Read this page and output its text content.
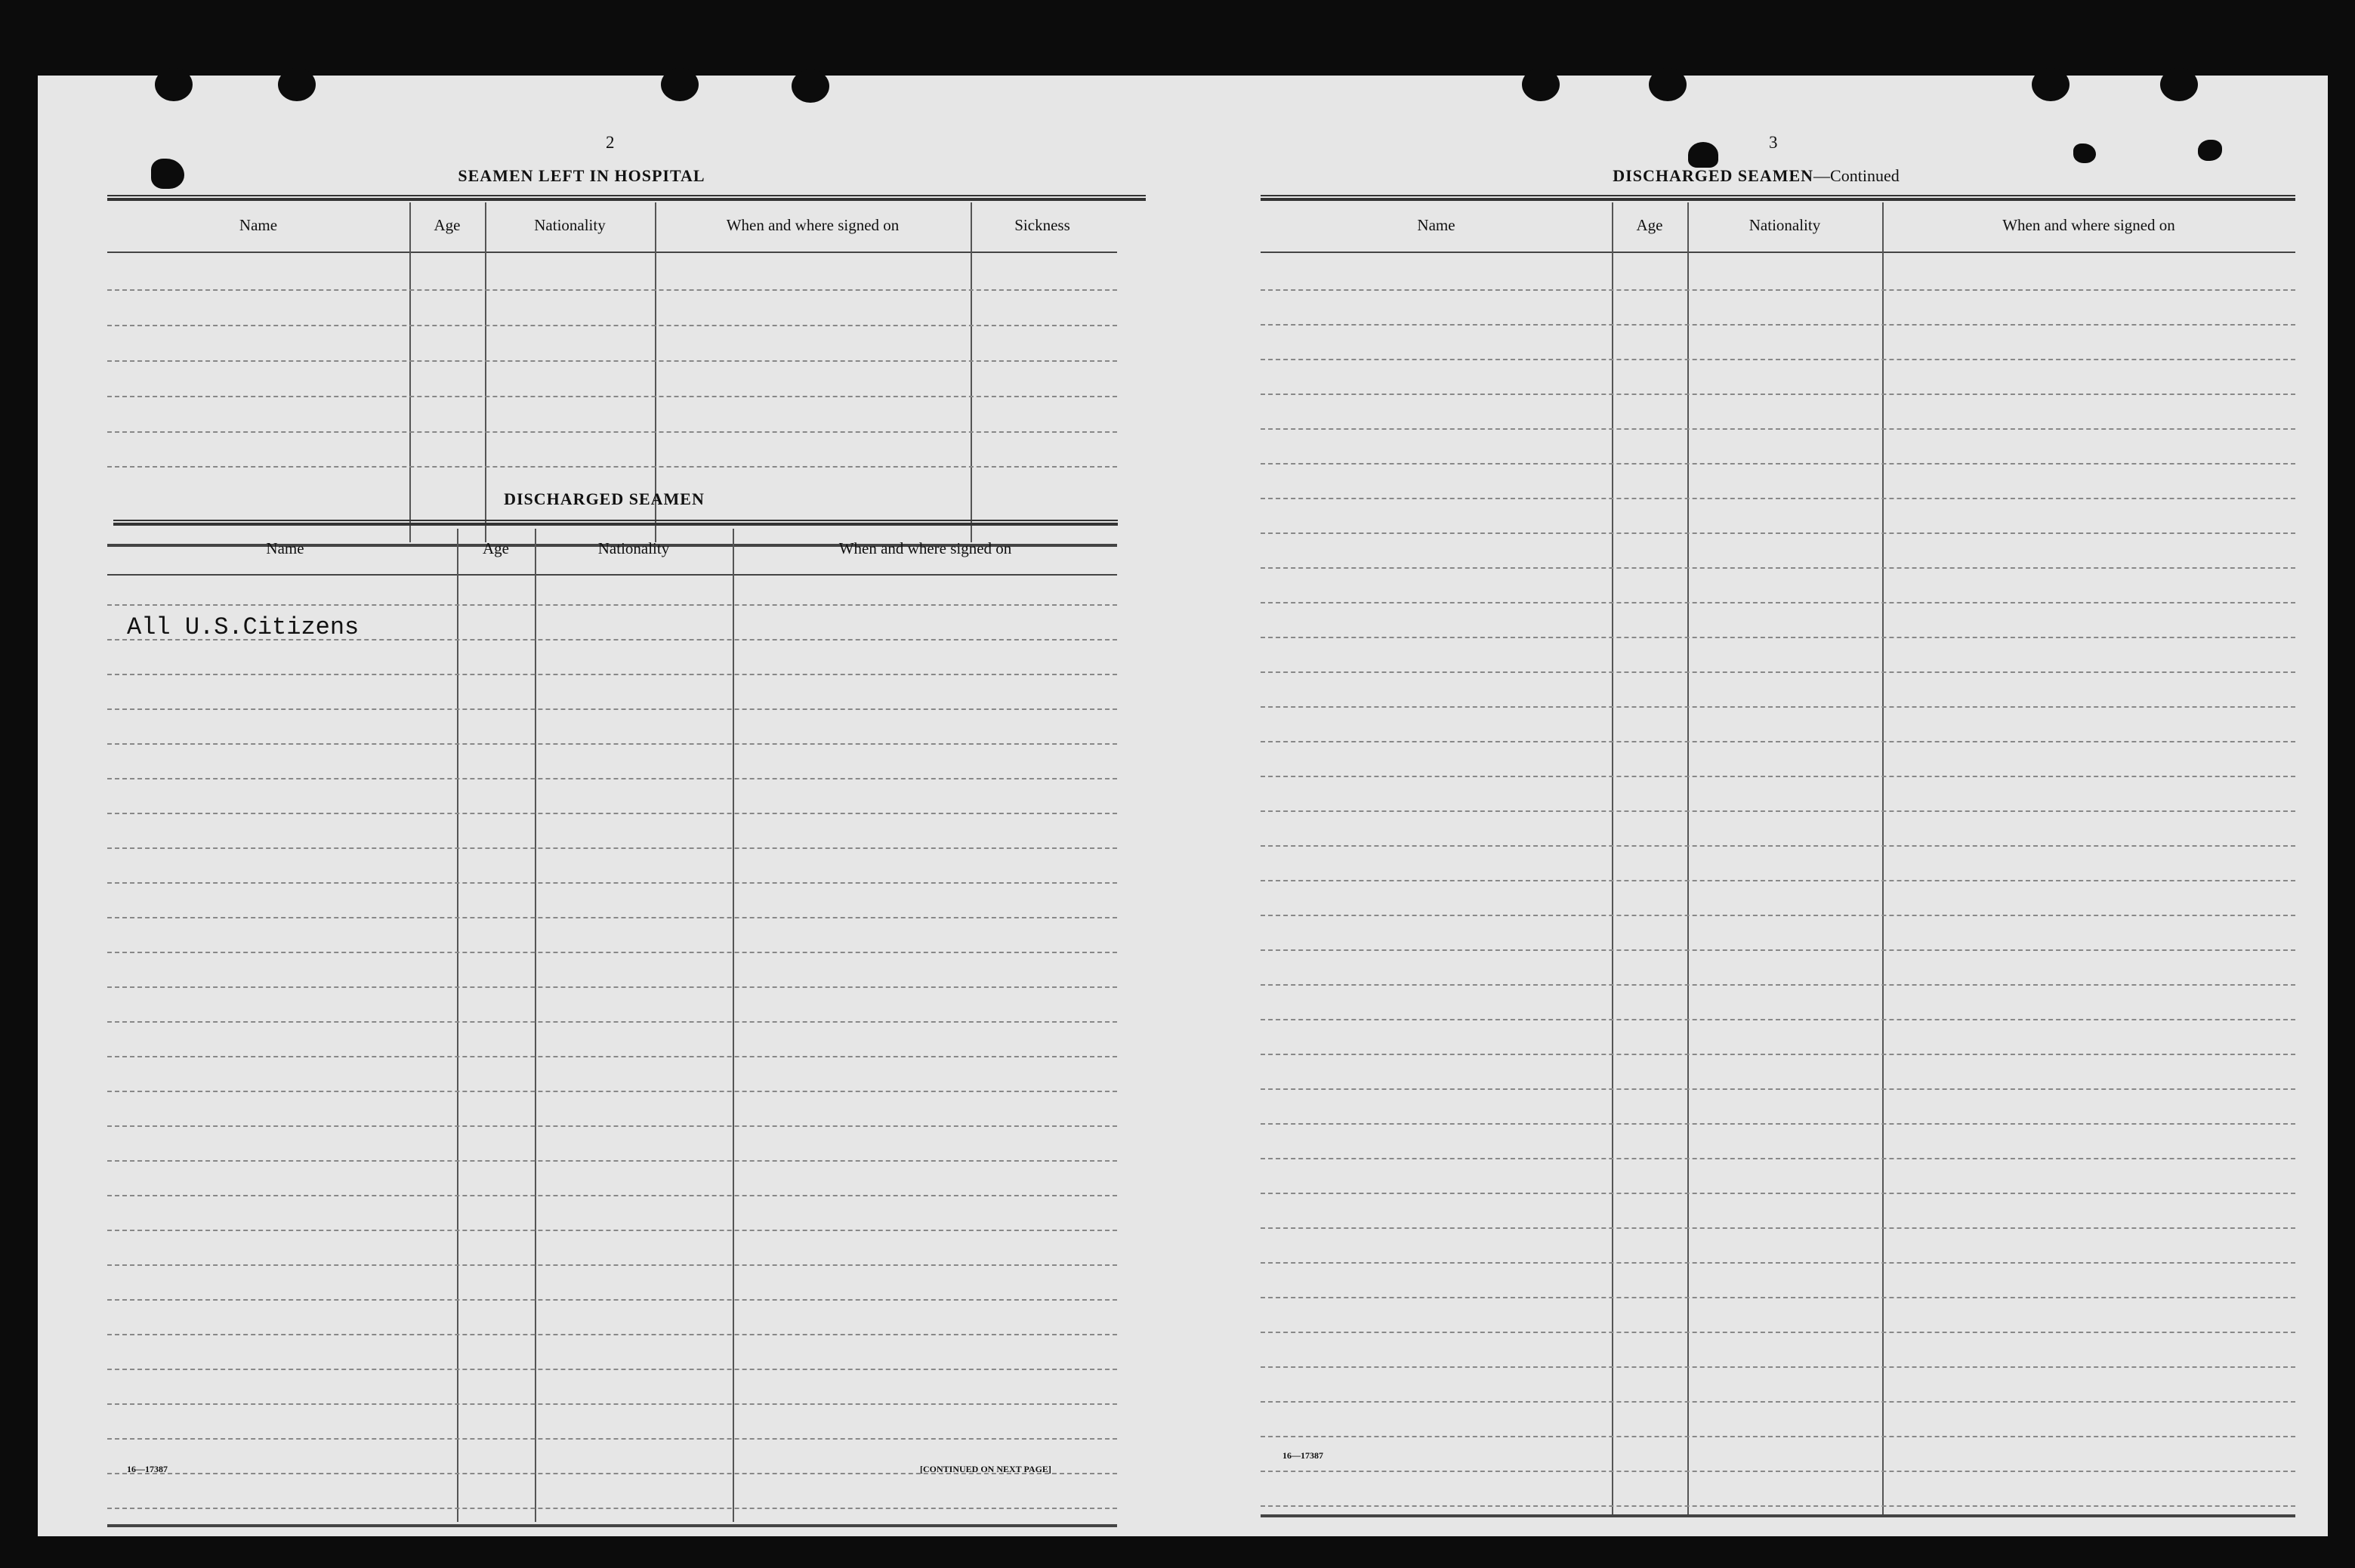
2
SEAMEN LEFT IN HOSPITAL
Name	Age	Nationality	When and where signed on	Sickness
DISCHARGED SEAMEN
Name	Age	Nationality	When and where signed on
All U.S.Citizens
16—17387	[CONTINUED ON NEXT PAGE]
3
DISCHARGED SEAMEN—Continued
Name	Age	Nationality	When and where signed on
16—17387
